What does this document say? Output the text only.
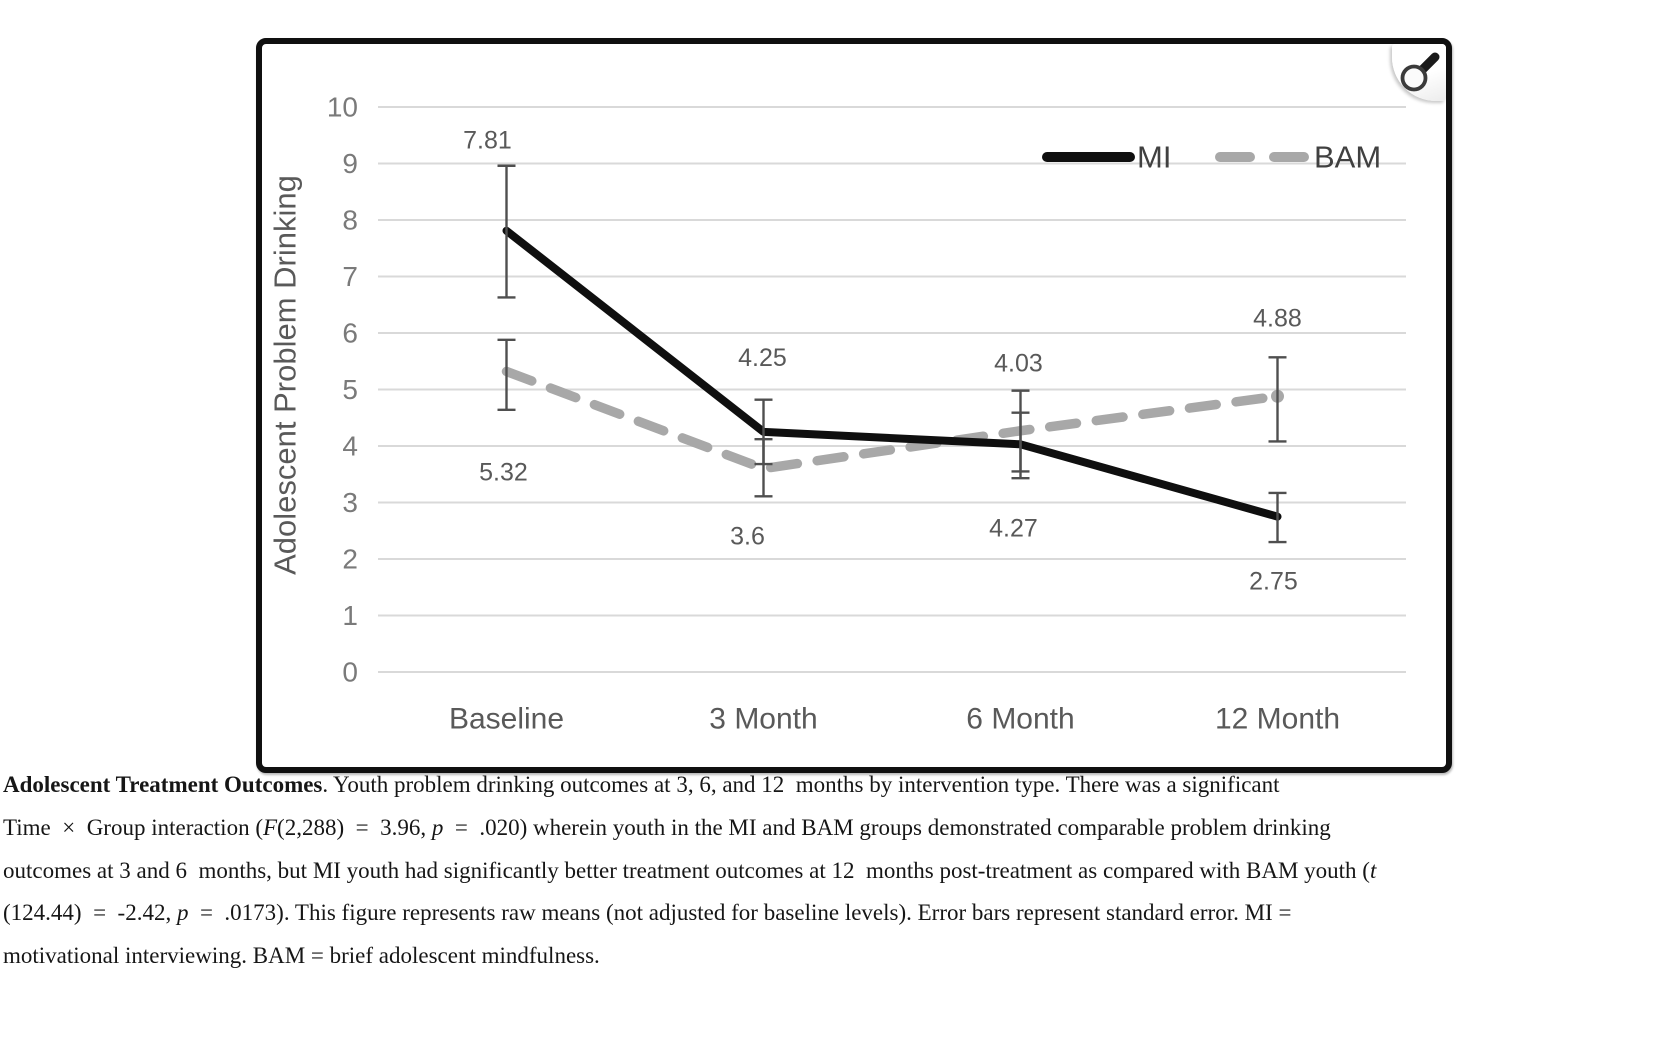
0
1
2
3
4
5
6
7
8
9
10
Baseline	3 Month	6 Month	12 Month
Adolescent Problem Drinking
7.81
4.25	4.03
2.75
5.32
3.6	4.27
4.88
MI	BAM
Adolescent Treatment Outcomes. Youth problem drinking outcomes at 3, 6, and 12  months by intervention type. There was a significant
Time  ×  Group interaction (F(2,288)  =  3.96, p  =  .020) wherein youth in the MI and BAM groups demonstrated comparable problem drinking
outcomes at 3 and 6  months, but MI youth had significantly better treatment outcomes at 12  months post-treatment as compared with BAM youth (t
(124.44)  =  -2.42, p  =  .0173). This figure represents raw means (not adjusted for baseline levels). Error bars represent standard error. MI =
motivational interviewing. BAM = brief adolescent mindfulness.
